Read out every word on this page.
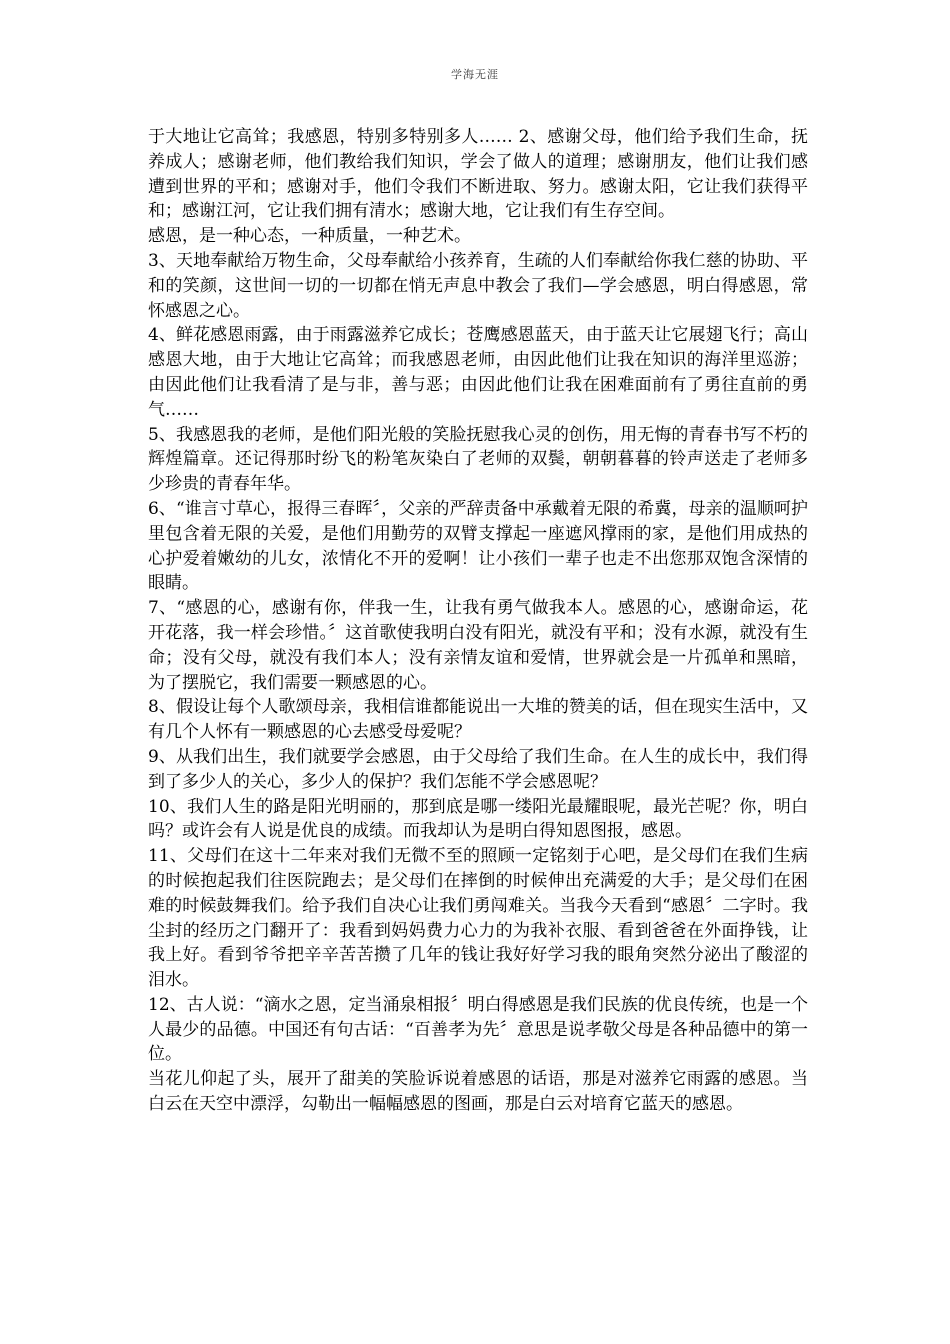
学海无涯

于大地让它高耸；我感恩，特别多特别多人…… 2、感谢父母，他们给予我们生命，抚养成人；感谢老师，他们教给我们知识，学会了做人的道理；感谢朋友，他们让我们感遭到世界的平和；感谢对手，他们令我们不断进取、努力。感谢太阳，它让我们获得平和；感谢江河，它让我们拥有清水；感谢大地，它让我们有生存空间。

感恩，是一种心态，一种质量，一种艺术。

3、天地奉献给万物生命，父母奉献给小孩养育，生疏的人们奉献给你我仁慈的协助、平和的笑颜，这世间一切的一切都在悄无声息中教会了我们—学会感恩，明白得感恩，常怀感恩之心。

4、鲜花感恩雨露，由于雨露滋养它成长；苍鹰感恩蓝天，由于蓝天让它展翅飞行；高山感恩大地，由于大地让它高耸；而我感恩老师，由因此他们让我在知识的海洋里巡游；由因此他们让我看清了是与非，善与恶；由因此他们让我在困难面前有了勇往直前的勇气……

5、我感恩我的老师，是他们阳光般的笑脸抚慰我心灵的创伤，用无悔的青春书写不朽的辉煌篇章。还记得那时纷飞的粉笔灰染白了老师的双鬓，朝朝暮暮的铃声送走了老师多少珍贵的青春年华。

6、“谁言寸草心，报得三春晖〞，父亲的严辞责备中承戴着无限的希冀，母亲的温顺呵护里包含着无限的关爱，是他们用勤劳的双臂支撑起一座遮风撑雨的家，是他们用成热的心护爱着嫩幼的儿女，浓情化不开的爱啊！让小孩们一辈子也走不出您那双饱含深情的眼睛。

7、“感恩的心，感谢有你，伴我一生，让我有勇气做我本人。感恩的心，感谢命运，花开花落，我一样会珍惜。〞这首歌使我明白没有阳光，就没有平和；没有水源，就没有生命；没有父母，就没有我们本人；没有亲情友谊和爱情，世界就会是一片孤单和黑暗，为了摆脱它，我们需要一颗感恩的心。

8、假设让每个人歌颂母亲，我相信谁都能说出一大堆的赞美的话，但在现实生活中，又有几个人怀有一颗感恩的心去感受母爱呢？

9、从我们出生，我们就要学会感恩，由于父母给了我们生命。在人生的成长中，我们得到了多少人的关心，多少人的保护？我们怎能不学会感恩呢？

10、我们人生的路是阳光明丽的，那到底是哪一缕阳光最耀眼呢，最光芒呢？你，明白吗？或许会有人说是优良的成绩。而我却认为是明白得知恩图报，感恩。

11、父母们在这十二年来对我们无微不至的照顾一定铭刻于心吧，是父母们在我们生病的时候抱起我们往医院跑去；是父母们在摔倒的时候伸出充满爱的大手；是父母们在困难的时候鼓舞我们。给予我们自决心让我们勇闯难关。当我今天看到“感恩〞二字时。我尘封的经历之门翻开了：我看到妈妈费力心力的为我补衣服、看到爸爸在外面挣钱，让我上好。看到爷爷把辛辛苦苦攒了几年的钱让我好好学习我的眼角突然分泌出了酸涩的泪水。

12、古人说：“滴水之恩，定当涌泉相报〞明白得感恩是我们民族的优良传统，也是一个人最少的品德。中国还有句古话：“百善孝为先〞意思是说孝敬父母是各种品德中的第一位。

当花儿仰起了头，展开了甜美的笑脸诉说着感恩的话语，那是对滋养它雨露的感恩。当白云在天空中漂浮，勾勒出一幅幅感恩的图画，那是白云对培育它蓝天的感恩。
